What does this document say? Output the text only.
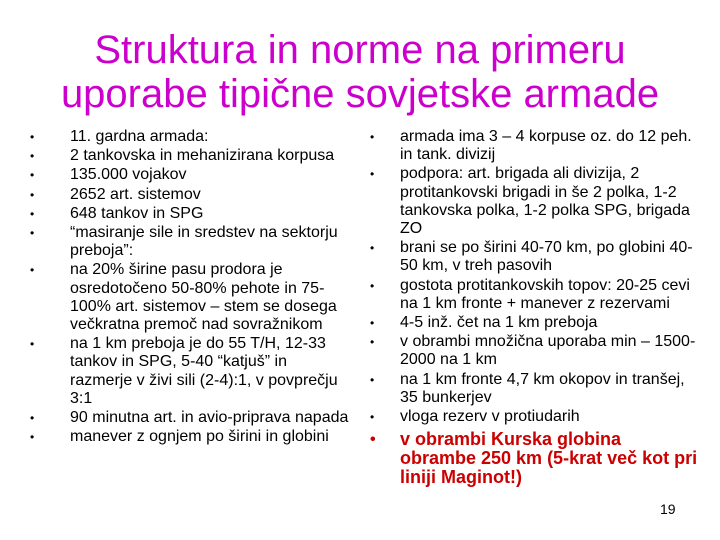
Struktura in norme na primeru
uporabe tipične sovjetske armade
•	11. gardna armada:
•	2 tankovska in mehanizirana korpusa
•	135.000 vojakov
•	2652 art. sistemov
•	648 tankov in SPG
•	“masiranje sile in sredstev na sektorju preboja”:
•	na 20% širine pasu prodora je osredotočeno 50-80% pehote in 75-100% art. sistemov – stem se dosega večkratna premoč nad sovražnikom
•	na 1 km preboja je do 55 T/H, 12-33 tankov in SPG, 5-40 “katjuš” in razmerje v živi sili (2-4):1, v povprečju 3:1
•	90 minutna art. in avio-priprava napada
•	manever z ognjem po širini in globini
•	armada ima 3 – 4 korpuse oz. do 12 peh. in tank. divizij
•	podpora: art. brigada ali divizija, 2 protitankovski brigadi in še 2 polka, 1-2 tankovska polka, 1-2 polka SPG, brigada ZO
•	brani se po širini 40-70 km, po globini 40-50 km, v treh pasovih
•	gostota protitankovskih topov: 20-25 cevi na 1 km fronte + manever z rezervami
•	4-5 inž. čet na 1 km preboja
•	v obrambi množična uporaba min – 1500- 2000 na 1 km
•	na 1 km fronte 4,7 km okopov in tranšej, 35 bunkerjev
•	vloga rezerv v protiudarih
• v obrambi Kurska globina obrambe 250 km (5-krat več kot pri liniji Maginot!)
19
